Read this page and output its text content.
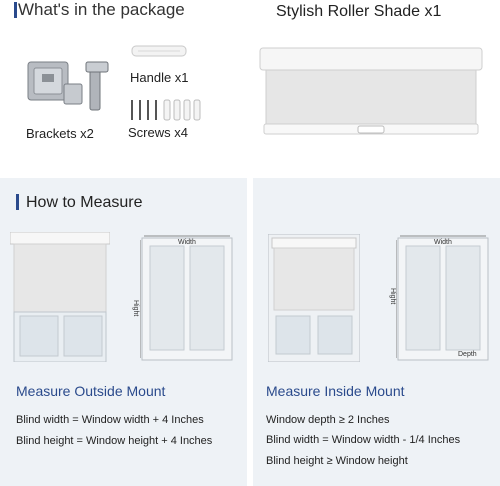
What's in the package	Stylish Roller Shade x1
Brackets x2
Handle x1
Screws x4
How to Measure
Width
Hight
Measure Outside Mount
Blind width = Window width + 4 Inches
Blind height = Window height + 4 Inches
Width
Hight
Depth
Measure Inside Mount
Window depth ≥ 2 Inches
Blind width = Window width - 1/4 Inches
Blind height ≥ Window height
